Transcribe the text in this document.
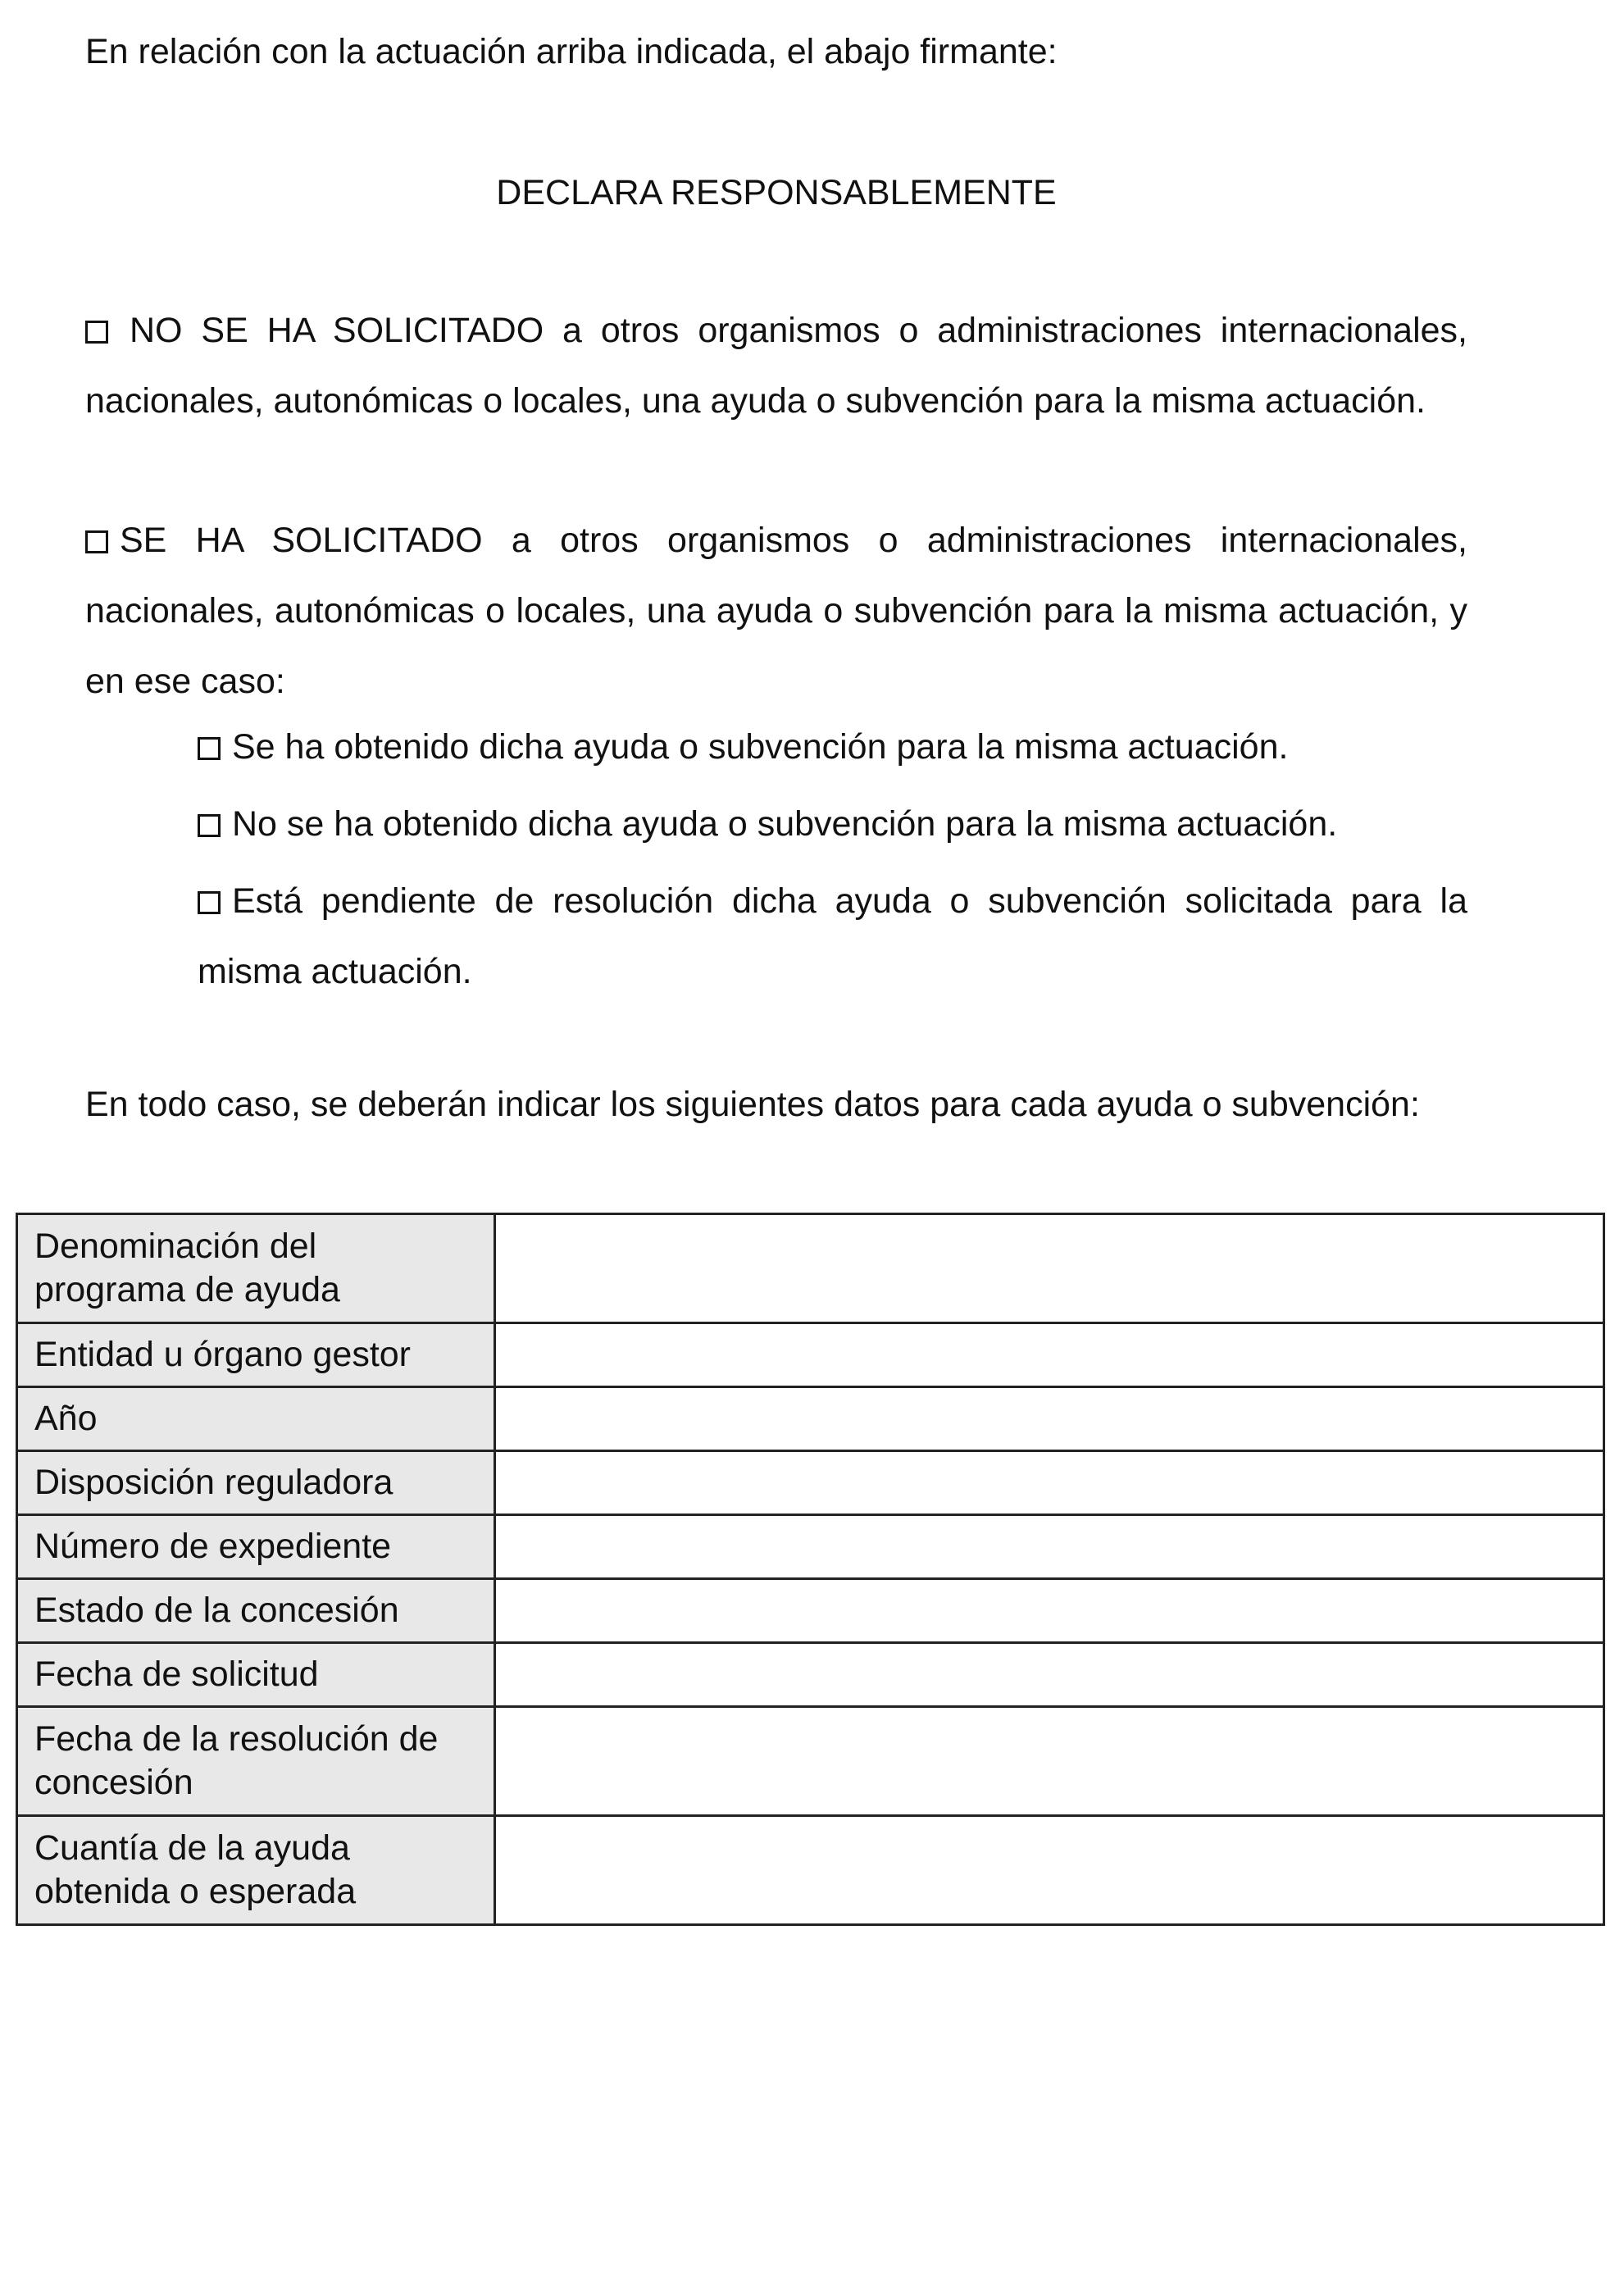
En relación con la actuación arriba indicada, el abajo firmante:
DECLARA RESPONSABLEMENTE
NO SE HA SOLICITADO a otros organismos o administraciones internacionales, nacionales, autonómicas o locales, una ayuda o subvención para la misma actuación.
SE HA SOLICITADO a otros organismos o administraciones internacionales, nacionales, autonómicas o locales, una ayuda o subvención para la misma actuación, y en ese caso:
Se ha obtenido dicha ayuda o subvención para la misma actuación.
No se ha obtenido dicha ayuda o subvención para la misma actuación.
Está pendiente de resolución dicha ayuda o subvención solicitada para la misma actuación.
En todo caso, se deberán indicar los siguientes datos para cada ayuda o subvención:
Denominación del programa de ayuda	
Entidad u órgano gestor	
Año	
Disposición reguladora	
Número de expediente	
Estado de la concesión	
Fecha de solicitud	
Fecha de la resolución de concesión	
Cuantía de la ayuda obtenida o esperada	
